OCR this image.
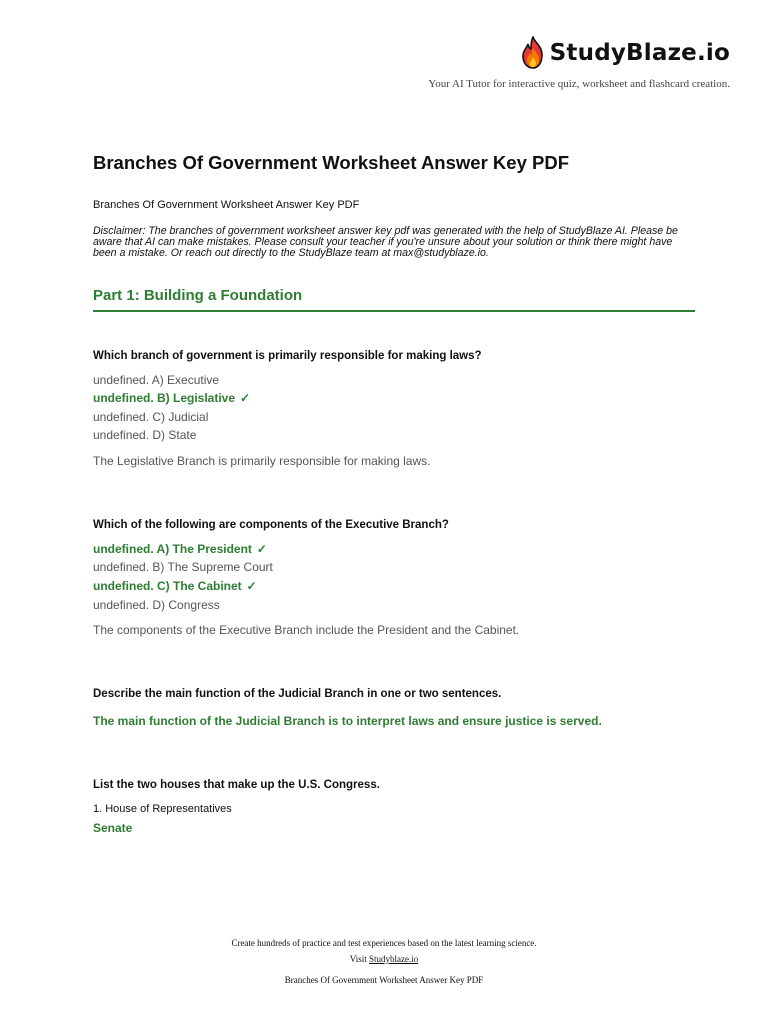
StudyBlaze.io
Your AI Tutor for interactive quiz, worksheet and flashcard creation.
Branches Of Government Worksheet Answer Key PDF
Branches Of Government Worksheet Answer Key PDF
Disclaimer: The branches of government worksheet answer key pdf was generated with the help of StudyBlaze AI. Please be aware that AI can make mistakes. Please consult your teacher if you're unsure about your solution or think there might have been a mistake. Or reach out directly to the StudyBlaze team at max@studyblaze.io.
Part 1: Building a Foundation
Which branch of government is primarily responsible for making laws?
undefined. A) Executive
undefined. B) Legislative ✓
undefined. C) Judicial
undefined. D) State
The Legislative Branch is primarily responsible for making laws.
Which of the following are components of the Executive Branch?
undefined. A) The President ✓
undefined. B) The Supreme Court
undefined. C) The Cabinet ✓
undefined. D) Congress
The components of the Executive Branch include the President and the Cabinet.
Describe the main function of the Judicial Branch in one or two sentences.
The main function of the Judicial Branch is to interpret laws and ensure justice is served.
List the two houses that make up the U.S. Congress.
1. House of Representatives
Senate
Create hundreds of practice and test experiences based on the latest learning science.
Visit Studyblaze.io
Branches Of Government Worksheet Answer Key PDF
